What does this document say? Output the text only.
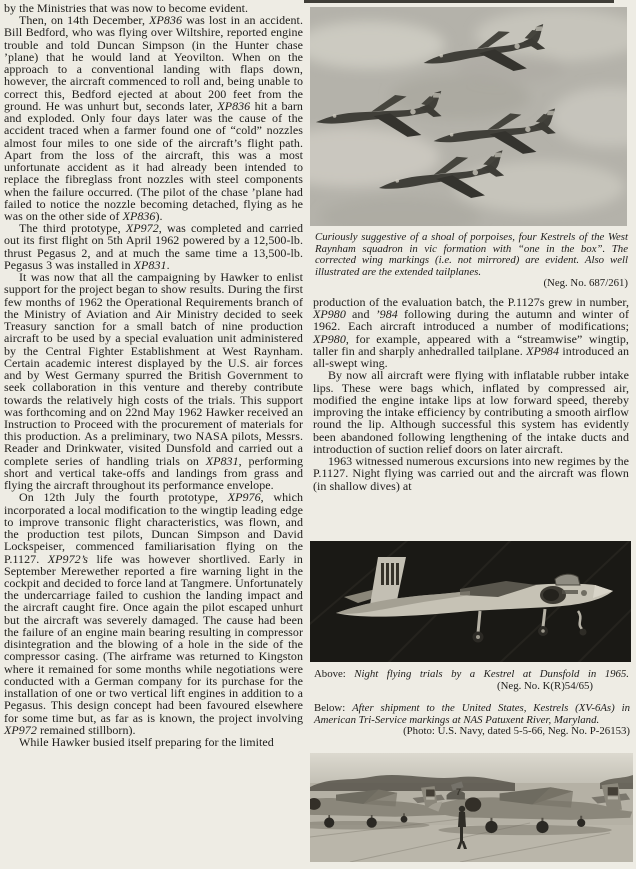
by the Ministries that was now to become evident.

Then, on 14th December, XP836 was lost in an accident. Bill Bedford, who was flying over Wiltshire, reported engine trouble and told Duncan Simpson (in the Hunter chase ’plane) that he would land at Yeovilton. When on the approach to a conventional landing with flaps down, however, the aircraft commenced to roll and, being unable to correct this, Bedford ejected at about 200 feet from the ground. He was unhurt but, seconds later, XP836 hit a barn and exploded. Only four days later was the cause of the accident traced when a farmer found one of “cold” nozzles almost four miles to one side of the aircraft’s flight path. Apart from the loss of the aircraft, this was a most unfortunate accident as it had already been intended to replace the fibreglass front nozzles with steel components when the failure occurred. (The pilot of the chase ’plane had failed to notice the nozzle becoming detached, flying as he was on the other side of XP836).

The third prototype, XP972, was completed and carried out its first flight on 5th April 1962 powered by a 12,500-lb. thrust Pegasus 2, and at much the same time a 13,500-lb. Pegasus 3 was installed in XP831.

It was now that all the campaigning by Hawker to enlist support for the project began to show results. During the first few months of 1962 the Operational Requirements branch of the Ministry of Aviation and Air Ministry decided to seek Treasury sanction for a small batch of nine production aircraft to be used by a special evaluation unit administered by the Central Fighter Establishment at West Raynham. Certain academic interest displayed by the U.S. air forces and by West Germany spurred the British Government to seek collaboration in this venture and thereby contribute towards the relatively high costs of the trials. This support was forthcoming and on 22nd May 1962 Hawker received an Instruction to Proceed with the procurement of materials for this production. As a preliminary, two NASA pilots, Messrs. Reader and Drinkwater, visited Dunsfold and carried out a complete series of handling trials on XP831, performing short and vertical take-offs and landings from grass and flying the aircraft throughout its performance envelope.

On 12th July the fourth prototype, XP976, which incorporated a local modification to the wingtip leading edge to improve transonic flight characteristics, was flown, and the production test pilots, Duncan Simpson and David Lockspeiser, commenced familiarisation flying on the P.1127. XP972’s life was however shortlived. Early in September Merewether reported a fire warning light in the cockpit and decided to force land at Tangmere. Unfortunately the undercarriage failed to cushion the landing impact and the aircraft caught fire. Once again the pilot escaped unhurt but the aircraft was severely damaged. The cause had been the failure of an engine main bearing resulting in compressor disintegration and the blowing of a hole in the side of the compressor casing. (The airframe was returned to Kingston where it remained for some months while negotiations were conducted with a German company for its purchase for the installation of one or two vertical lift engines in addition to a Pegasus. This design concept had been favoured elsewhere for some time but, as far as is known, the project involving XP972 remained stillborn).

While Hawker busied itself preparing for the limited

Curiously suggestive of a shoal of porpoises, four Kestrels of the West Raynham squadron in vic formation with “one in the box”. The corrected wing markings (i.e. not mirrored) are evident. Also well illustrated are the extended tailplanes.
(Neg. No. 687/261)

production of the evaluation batch, the P.1127s grew in number, XP980 and ’984 following during the autumn and winter of 1962. Each aircraft introduced a number of modifications; XP980, for example, appeared with a “streamwise” wingtip, taller fin and sharply anhedralled tailplane. XP984 introduced an all-swept wing.

By now all aircraft were flying with inflatable rubber intake lips. These were bags which, inflated by compressed air, modified the engine intake lips at low forward speed, thereby improving the intake efficiency by contributing a smooth airflow round the lip. Although successful this system has evidently been abandoned following lengthening of the intake ducts and introduction of suction relief doors on later aircraft.

1963 witnessed numerous excursions into new regimes by the P.1127. Night flying was carried out and the aircraft was flown (in shallow dives) at

Above: Night flying trials by a Kestrel at Dunsfold in 1965.
(Neg. No. K(R)54/65)
Below: After shipment to the United States, Kestrels (XV-6As) in American Tri-Service markings at NAS Patuxent River, Maryland.
(Photo: U.S. Navy, dated 5-5-66, Neg. No. P-26153)
7
